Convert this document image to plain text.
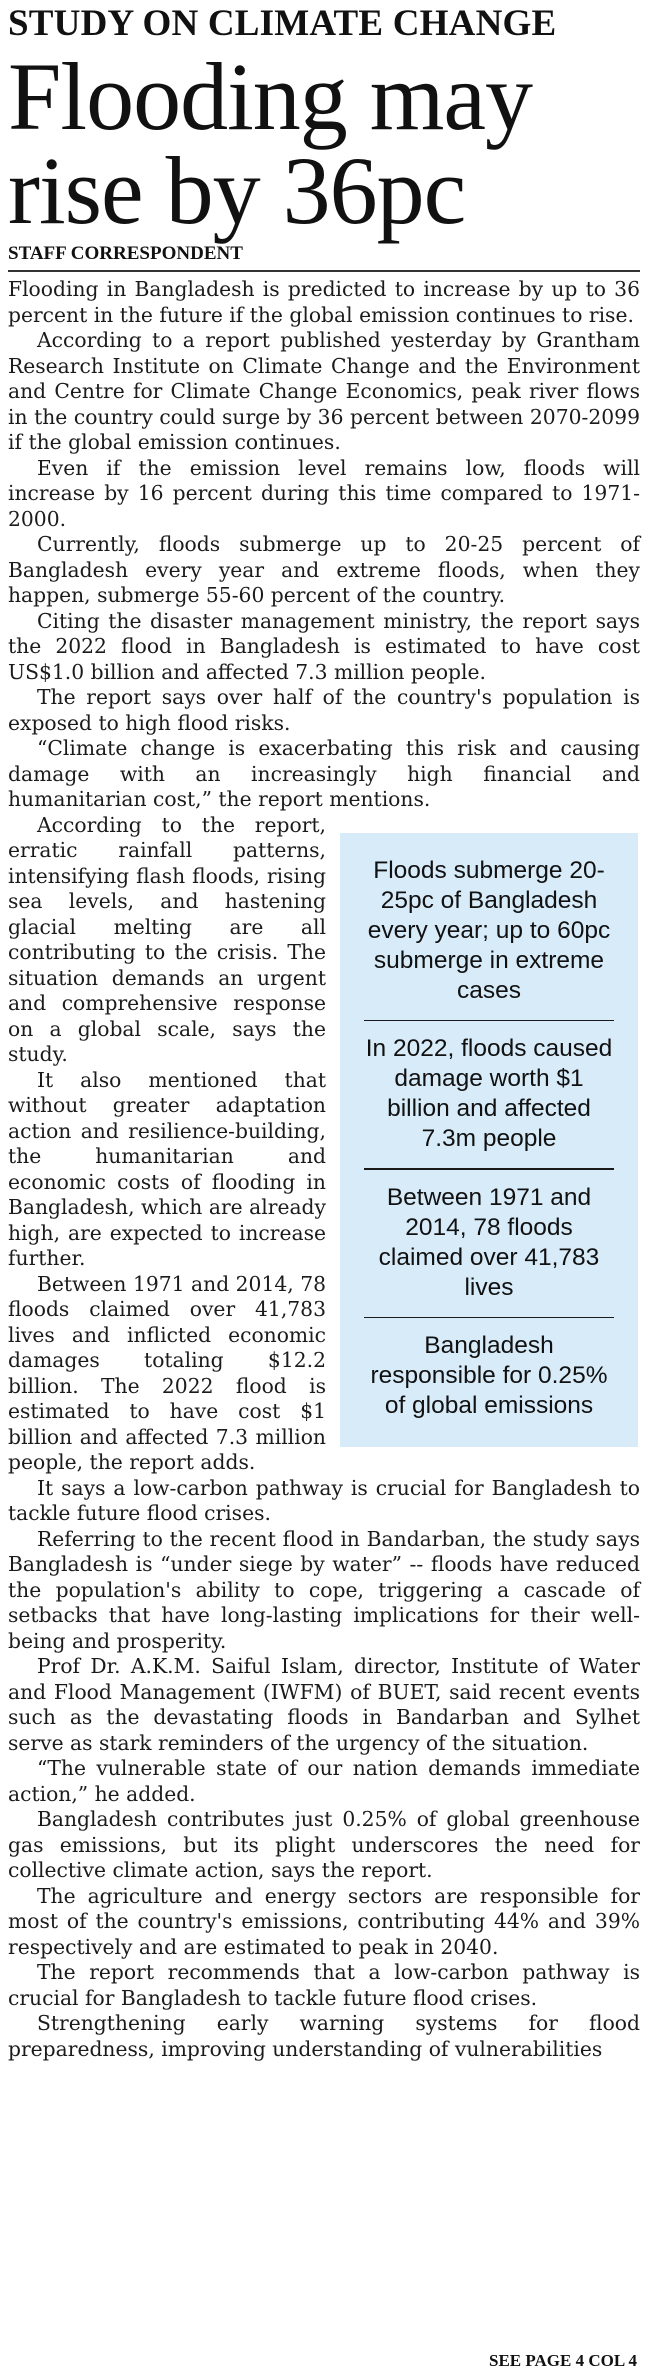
STUDY ON CLIMATE CHANGE
Flooding may
rise by 36pc
STAFF CORRESPONDENT

Flooding in Bangladesh is predicted to increase by up to 36 percent in the future if the global emission continues to rise.

According to a report published yesterday by Grantham Research Institute on Climate Change and the Environment and Centre for Climate Change Economics, peak river flows in the country could surge by 36 percent between 2070-2099 if the global emission continues.

Even if the emission level remains low, floods will increase by 16 percent during this time compared to 1971-2000.

Currently, floods submerge up to 20-25 percent of Bangladesh every year and extreme floods, when they happen, submerge 55-60 percent of the country.

Citing the disaster management ministry, the report says the 2022 flood in Bangladesh is estimated to have cost US$1.0 billion and affected 7.3 million people.

The report says over half of the country's population is exposed to high flood risks.

“Climate change is exacerbating this risk and causing damage with an increasingly high financial and humanitarian cost,” the report mentions.

Floods submerge 20-25pc of Bangladesh every year; up to 60pc submerge in extreme cases
In 2022, floods caused damage worth $1 billion and affected 7.3m people
Between 1971 and 2014, 78 floods claimed over 41,783 lives
Bangladesh responsible for 0.25% of global emissions

According to the report, erratic rainfall patterns, intensifying flash floods, rising sea levels, and hastening glacial melting are all contributing to the crisis. The situation demands an urgent and comprehensive response on a global scale, says the study.

It also mentioned that without greater adaptation action and resilience-building, the humanitarian and economic costs of flooding in Bangladesh, which are already high, are expected to increase further.

Between 1971 and 2014, 78 floods claimed over 41,783 lives and inflicted economic damages totaling $12.2 billion. The 2022 flood is estimated to have cost $1 billion and affected 7.3 million people, the report adds.

It says a low-carbon pathway is crucial for Bangladesh to tackle future flood crises.

Referring to the recent flood in Bandarban, the study says Bangladesh is “under siege by water” -- floods have reduced the population's ability to cope, triggering a cascade of setbacks that have long-lasting implications for their well-being and prosperity.

Prof Dr. A.K.M. Saiful Islam, director, Institute of Water and Flood Management (IWFM) of BUET, said recent events such as the devastating floods in Bandarban and Sylhet serve as stark reminders of the urgency of the situation.

“The vulnerable state of our nation demands immediate action,” he added.

Bangladesh contributes just 0.25% of global greenhouse gas emissions, but its plight underscores the need for collective climate action, says the report.

The agriculture and energy sectors are responsible for most of the country's emissions, contributing 44% and 39% respectively and are estimated to peak in 2040.

The report recommends that a low-carbon pathway is crucial for Bangladesh to tackle future flood crises.

Strengthening early warning systems for flood preparedness, improving understanding of vulnerabilities

SEE PAGE 4 COL 4
